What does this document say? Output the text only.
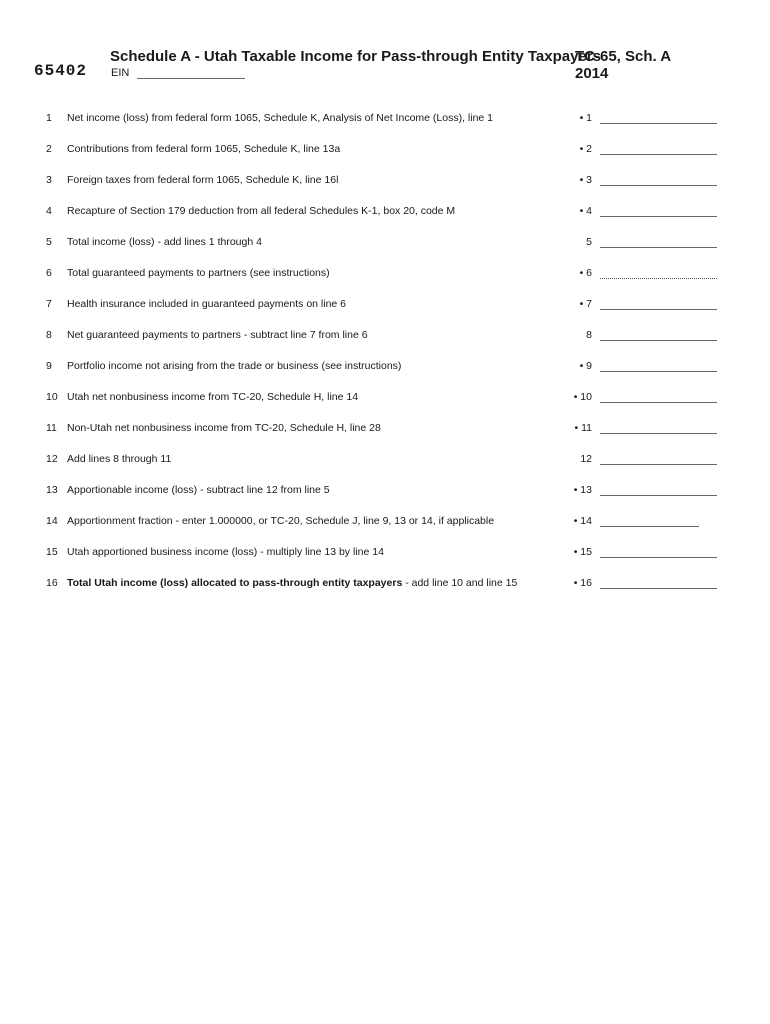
65402
Schedule A - Utah Taxable Income for Pass-through Entity Taxpayers
TC-65, Sch. A
2014
EIN
1	Net income (loss) from federal form 1065, Schedule K, Analysis of Net Income (Loss), line 1	• 1
2	Contributions from federal form 1065, Schedule K, line 13a	• 2
3	Foreign taxes from federal form 1065, Schedule K, line 16l	• 3
4	Recapture of Section 179 deduction from all federal Schedules K-1, box 20, code M	• 4
5	Total income (loss) - add lines 1 through 4	5
6	Total guaranteed payments to partners (see instructions)	• 6
7	Health insurance included in guaranteed payments on line 6	• 7
8	Net guaranteed payments to partners - subtract line 7 from line 6	8
9	Portfolio income not arising from the trade or business (see instructions)	• 9
10 Utah net nonbusiness income from TC-20, Schedule H, line 14	• 10
11 Non-Utah net nonbusiness income from TC-20, Schedule H, line 28	• 11
12 Add lines 8 through 11	12
13 Apportionable income (loss) - subtract line 12 from line 5	• 13
14 Apportionment fraction - enter 1.000000, or TC-20, Schedule J, line 9, 13 or 14, if applicable	• 14
15 Utah apportioned business income (loss) - multiply line 13 by line 14	• 15
16 Total Utah income (loss) allocated to pass-through entity taxpayers - add line 10 and line 15	• 16
